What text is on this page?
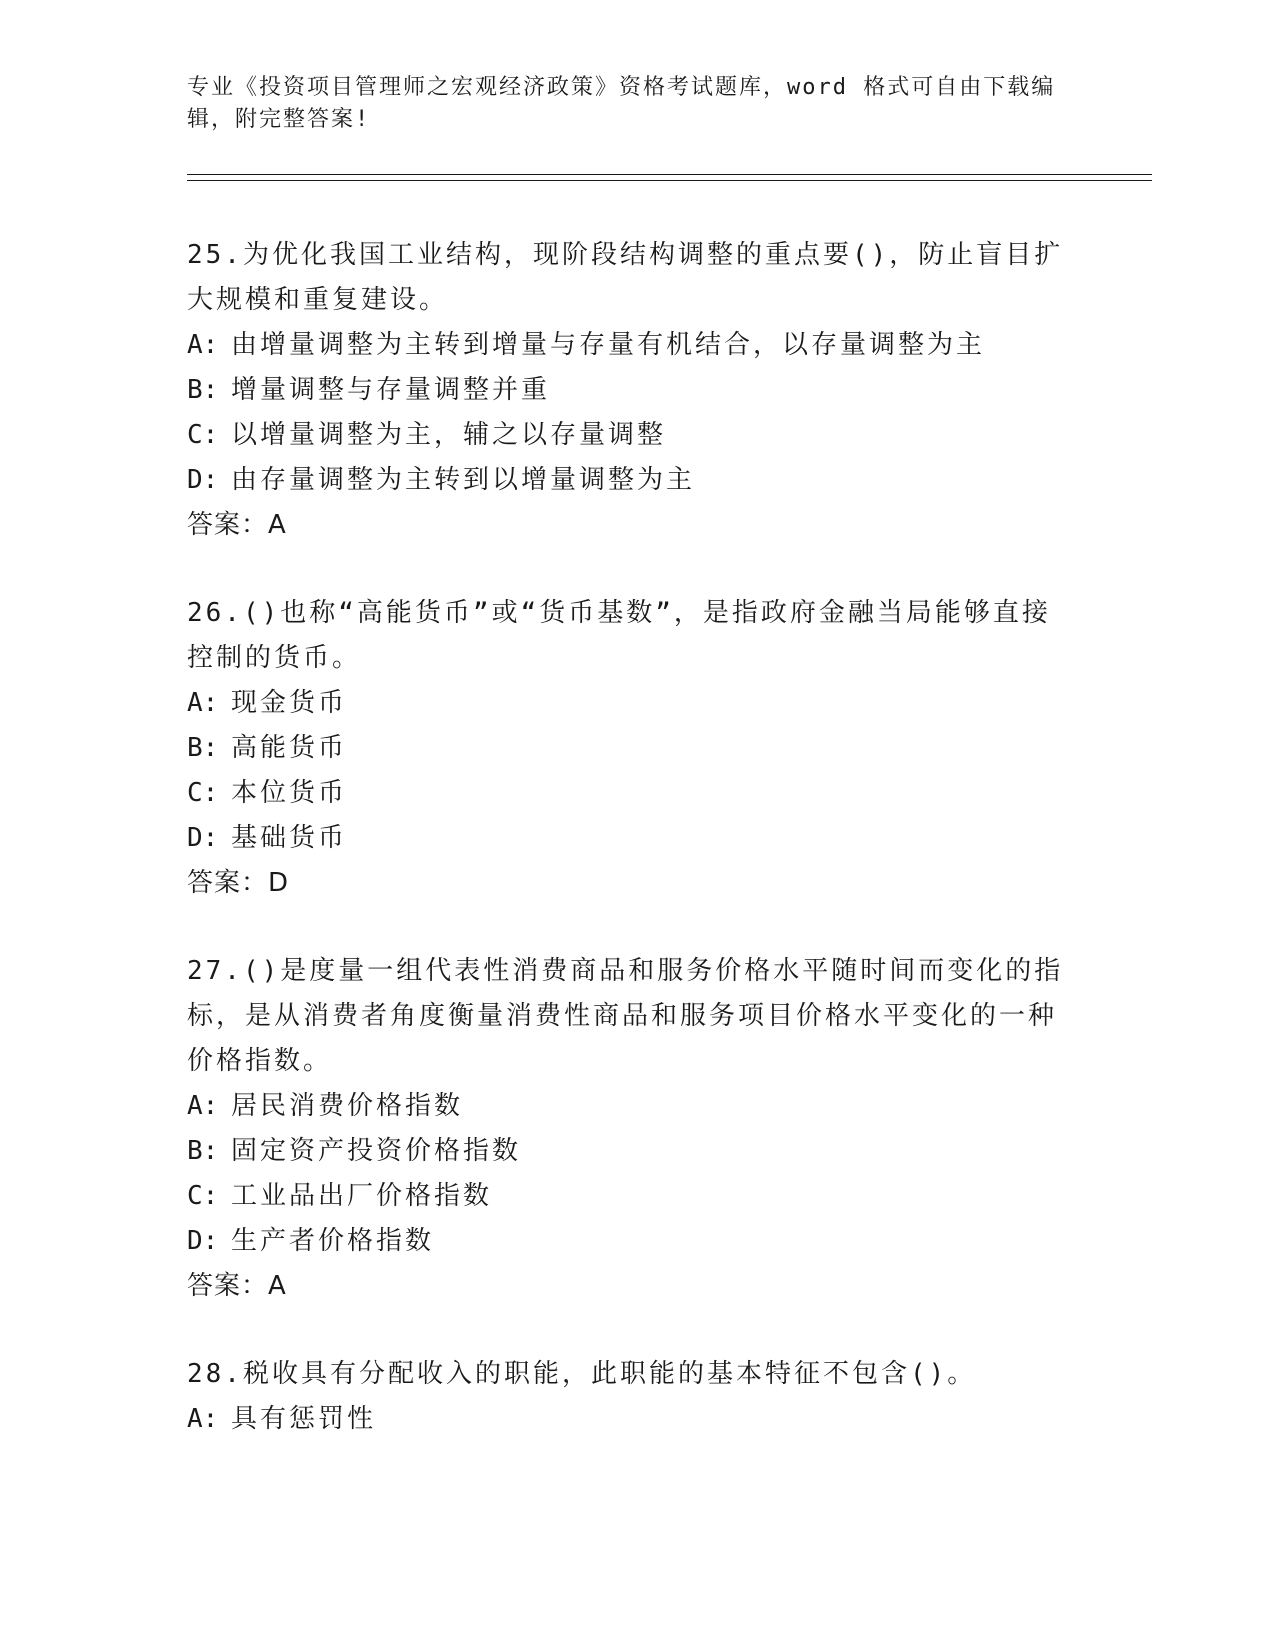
专业《投资项目管理师之宏观经济政策》资格考试题库，word 格式可自由下载编辑，附完整答案!

25.为优化我国工业结构，现阶段结构调整的重点要()，防止盲目扩大规模和重复建设。

A: 由增量调整为主转到增量与存量有机结合，以存量调整为主

B: 增量调整与存量调整并重

C: 以增量调整为主，辅之以存量调整

D: 由存量调整为主转到以增量调整为主

答案：A

26.()也称“高能货币”或“货币基数”，是指政府金融当局能够直接控制的货币。

A: 现金货币

B: 高能货币

C: 本位货币

D: 基础货币

答案：D

27.()是度量一组代表性消费商品和服务价格水平随时间而变化的指标，是从消费者角度衡量消费性商品和服务项目价格水平变化的一种价格指数。

A: 居民消费价格指数

B: 固定资产投资价格指数

C: 工业品出厂价格指数

D: 生产者价格指数

答案：A

28.税收具有分配收入的职能，此职能的基本特征不包含()。

A: 具有惩罚性
